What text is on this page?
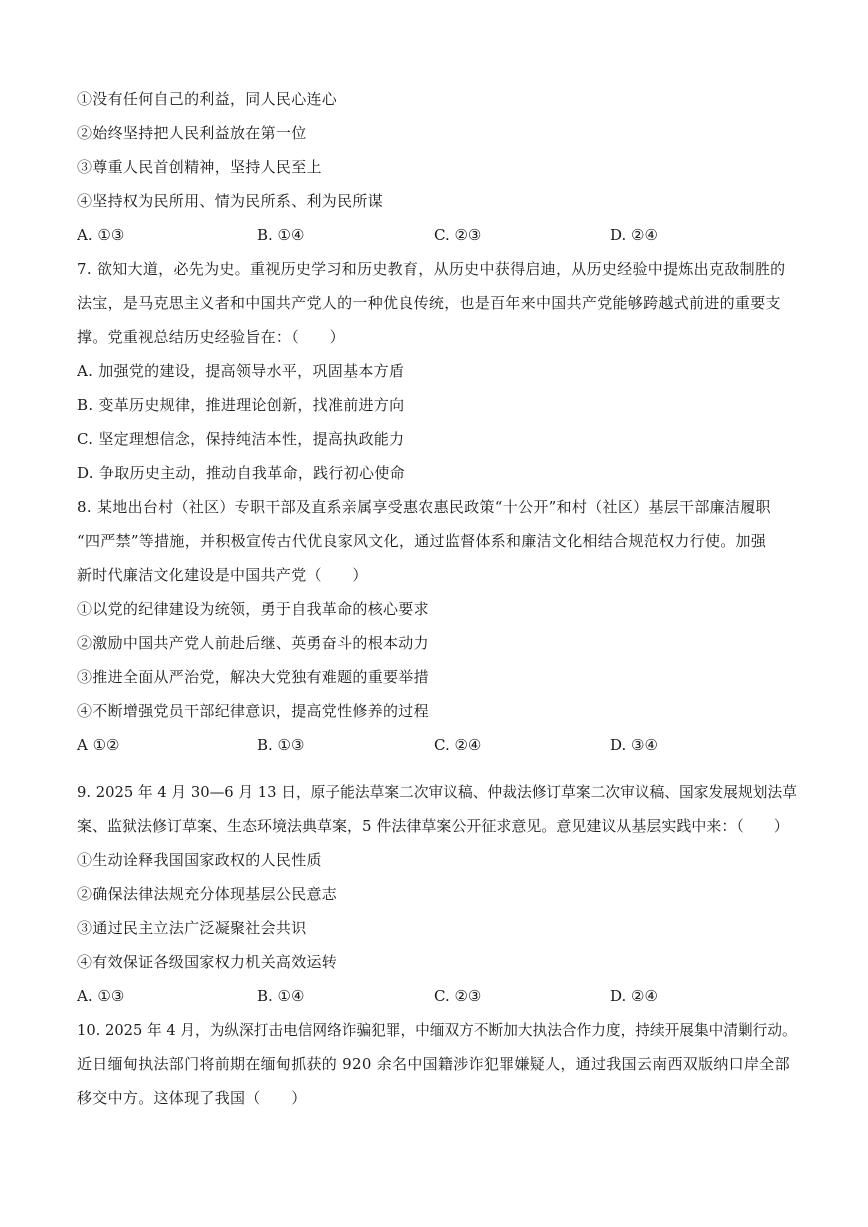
①没有任何自己的利益，同人民心连心
②始终坚持把人民利益放在第一位
③尊重人民首创精神，坚持人民至上
④坚持权为民所用、情为民所系、利为民所谋
A. ①③	B. ①④	C. ②③	D. ②④
7. 欲知大道，必先为史。重视历史学习和历史教育，从历史中获得启迪，从历史经验中提炼出克敌制胜的
法宝，是马克思主义者和中国共产党人的一种优良传统，也是百年来中国共产党能够跨越式前进的重要支
撑。党重视总结历史经验旨在：（　　）
A. 加强党的建设，提高领导水平，巩固基本方盾
B. 变革历史规律，推进理论创新，找准前进方向
C. 坚定理想信念，保持纯洁本性，提高执政能力
D. 争取历史主动，推动自我革命，践行初心使命
8. 某地出台村（社区）专职干部及直系亲属享受惠农惠民政策“十公开”和村（社区）基层干部廉洁履职
“四严禁”等措施，并积极宣传古代优良家风文化，通过监督体系和廉洁文化相结合规范权力行使。加强
新时代廉洁文化建设是中国共产党（　　）
①以党的纪律建设为统领，勇于自我革命的核心要求
②激励中国共产党人前赴后继、英勇奋斗的根本动力
③推进全面从严治党，解决大党独有难题的重要举措
④不断增强党员干部纪律意识，提高党性修养的过程
A ①②	B. ①③	C. ②④	D. ③④
9. 2025 年 4 月 30—6 月 13 日，原子能法草案二次审议稿、仲裁法修订草案二次审议稿、国家发展规划法草
案、监狱法修订草案、生态环境法典草案，5 件法律草案公开征求意见。意见建议从基层实践中来：（　　）
①生动诠释我国国家政权的人民性质
②确保法律法规充分体现基层公民意志
③通过民主立法广泛凝聚社会共识
④有效保证各级国家权力机关高效运转
A. ①③	B. ①④	C. ②③	D. ②④
10. 2025 年 4 月，为纵深打击电信网络诈骗犯罪，中缅双方不断加大执法合作力度，持续开展集中清剿行动。
近日缅甸执法部门将前期在缅甸抓获的 920 余名中国籍涉诈犯罪嫌疑人，通过我国云南西双版纳口岸全部
移交中方。这体现了我国（　　）
